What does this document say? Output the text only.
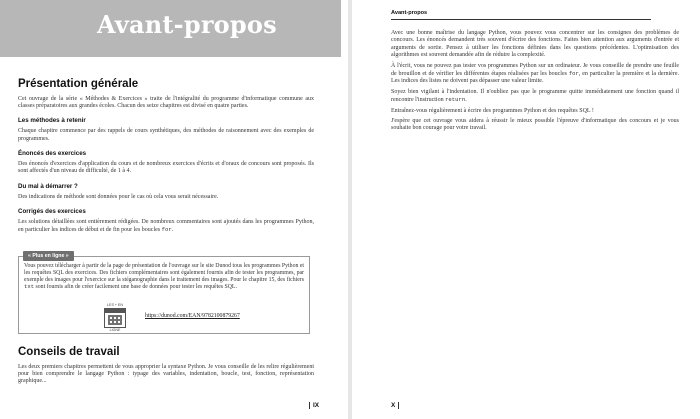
Avant-propos
Présentation générale

Cet ouvrage de la série « Méthodes & Exercices » traite de l'intégralité du programme d'informatique commune aux classes préparatoires aux grandes écoles. Chacun des seize chapitres est divisé en quatre parties.

Les méthodes à retenir

Chaque chapitre commence par des rappels de cours synthétiques, des méthodes de raisonnement avec des exemples de programmes.

Énoncés des exercices

Des énoncés d'exercices d'application du cours et de nombreux exercices d'écrits et d'oraux de concours sont proposés. Ils sont affectés d'un niveau de difficulté, de 1 à 4.

Du mal à démarrer ?

Des indications de méthode sont données pour le cas où cela vous serait nécessaire.

Corrigés des exercices

Les solutions détaillées sont entièrement rédigées. De nombreux commentaires sont ajoutés dans les programmes Python, en particulier les indices de début et de fin pour les boucles for.

« Plus en ligne »

Vous pouvez télécharger à partir de la page de présentation de l'ouvrage sur le site Dunod tous les programmes Python et les requêtes SQL des exercices. Des fichiers complémentaires sont également fournis afin de tester les programmes, par exemple des images pour l'exercice sur la stéganographie dans le traitement des images. Pour le chapitre 15, des fichiers txt sont fournis afin de créer facilement une base de données pour tester les requêtes SQL.

LES + EN
LIGNE
https://dunod.com/EAN/9782100879267
Conseils de travail

Les deux premiers chapitres permettent de vous approprier la syntaxe Python. Je vous conseille de les relire régulièrement pour bien comprendre le langage Python : typage des variables, indentation, boucle, test, fonction, représentation graphique...

IX
Avant-propos

Avec une bonne maîtrise du langage Python, vous pouvez vous concentrer sur les consignes des problèmes de concours. Les énoncés demandent très souvent d'écrire des fonctions. Faites bien attention aux arguments d'entrée et arguments de sortie. Pensez à utiliser les fonctions définies dans les questions précédentes. L'optimisation des algorithmes est souvent demandée afin de réduire la complexité.

À l'écrit, vous ne pouvez pas tester vos programmes Python sur un ordinateur. Je vous conseille de prendre une feuille de brouillon et de vérifier les différentes étapes réalisées par les boucles for, en particulier la première et la dernière. Les indices des listes ne doivent pas dépasser une valeur limite.

Soyez bien vigilant à l'indentation. Il n'oubliez pas que le programme quitte immédiatement une fonction quand il rencontre l'instruction return.

Entraînez-vous régulièrement à écrire des programmes Python et des requêtes SQL !

J'espère que cet ouvrage vous aidera à réussir le mieux possible l'épreuve d'informatique des concours et je vous souhaite bon courage pour votre travail.

X
